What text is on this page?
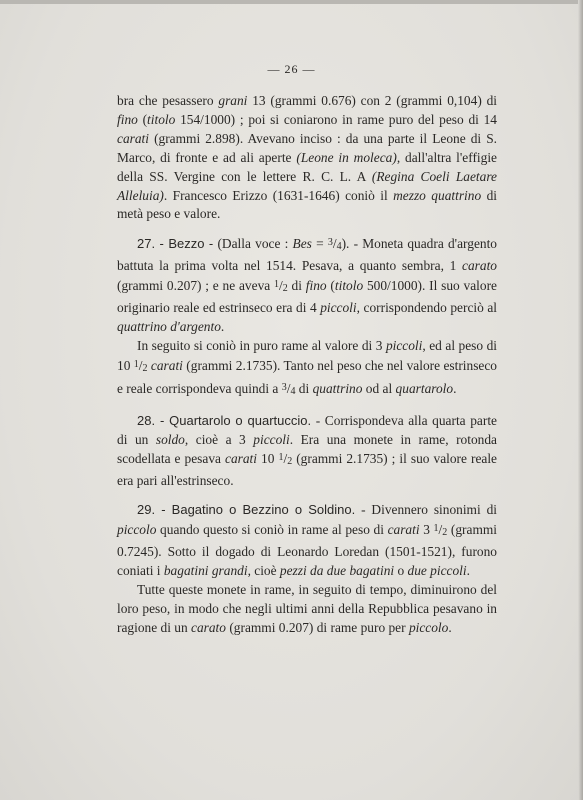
— 26 —

bra che pesassero grani 13 (grammi 0.676) con 2 (grammi 0,104) di fino (titolo 154/1000) ; poi si coniarono in rame puro del peso di 14 carati (grammi 2.898). Avevano inciso : da una parte il Leone di S. Marco, di fronte e ad ali aperte (Leone in moleca), dall'altra l'effigie della SS. Vergine con le lettere R. C. L. A (Regina Coeli Laetare Alleluia). Francesco Erizzo (1631-1646) coniò il mezzo quattrino di metà peso e valore.

27. - Bezzo - (Dalla voce : Bes = $^3$/4). - Moneta quadra d'argento battuta la prima volta nel 1514. Pesava, a quanto sembra, 1 carato (grammi 0.207) ; e ne aveva $^1$/2 di fino (titolo 500/1000). Il suo valore originario reale ed estrinseco era di 4 piccoli, corrispondendo perciò al quattrino d'argento.

In seguito si coniò in puro rame al valore di 3 piccoli, ed al peso di 10 $^1$/2 carati (grammi 2.1735). Tanto nel peso che nel valore estrinseco e reale corrispondeva quindi a $^3$/4 di quattrino od al quartarolo.

28. - Quartarolo o quartuccio. - Corrispondeva alla quarta parte di un soldo, cioè a 3 piccoli. Era una monete in rame, rotonda scodellata e pesava carati 10 $^1$/2 (grammi 2.1735) ; il suo valore reale era pari all'estrinseco.

29. - Bagatino o Bezzino o Soldino. - Divennero sinonimi di piccolo quando questo si coniò in rame al peso di carati 3 $^1$/2 (grammi 0.7245). Sotto il dogado di Leonardo Loredan (1501-1521), furono coniati i bagatini grandi, cioè pezzi da due bagatini o due piccoli.

Tutte queste monete in rame, in seguito di tempo, diminuirono del loro peso, in modo che negli ultimi anni della Repubblica pesavano in ragione di un carato (grammi 0.207) di rame puro per piccolo.
